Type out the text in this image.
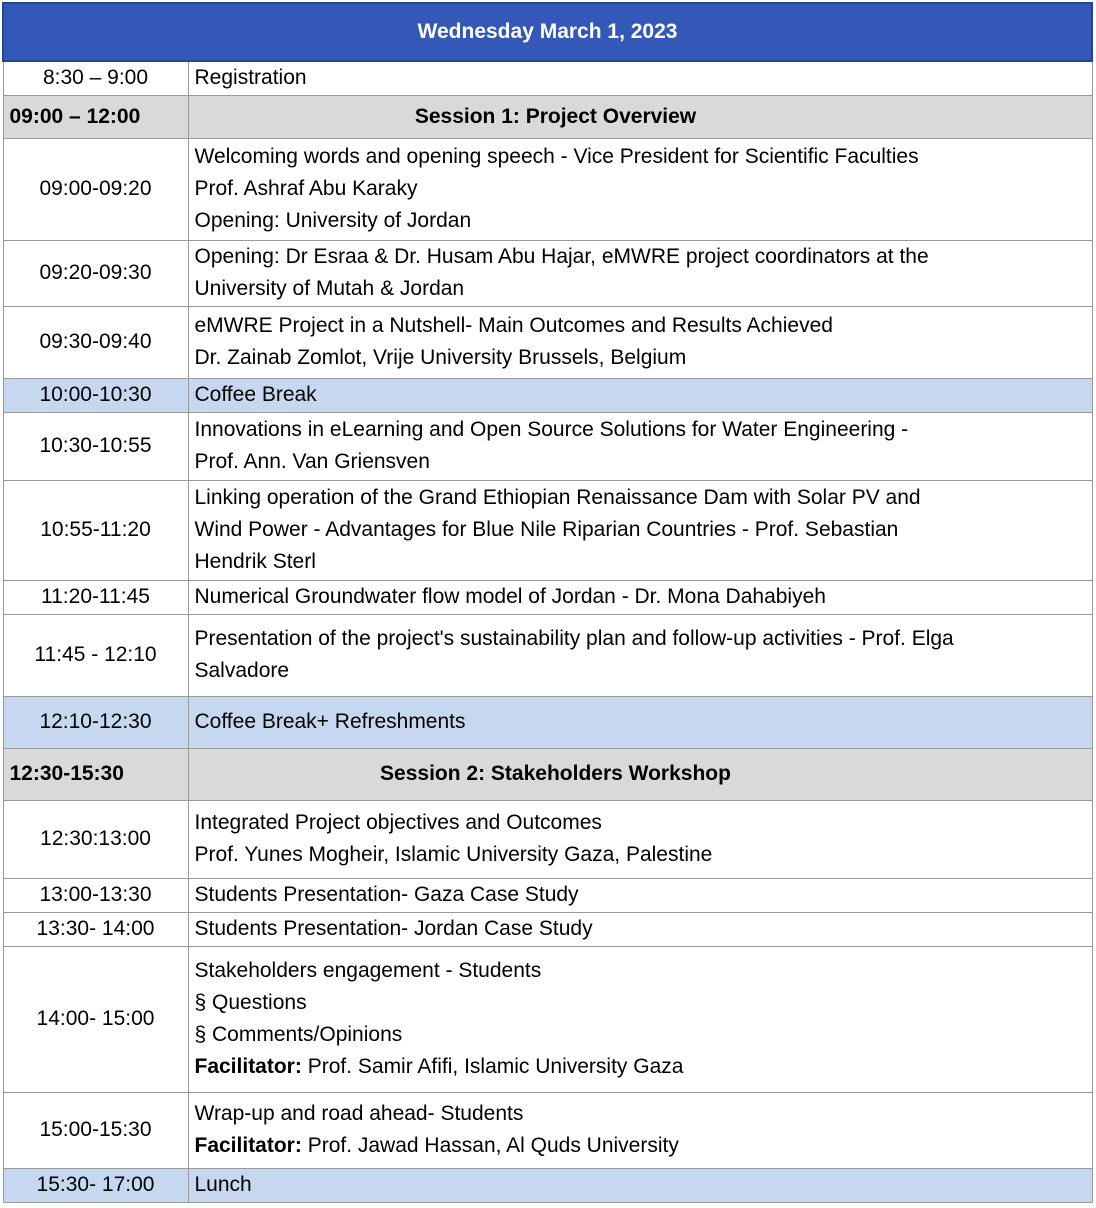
Wednesday March 1, 2023	
8:30 – 9:00	Registration

09:00 – 12:00	Session 1: Project Overview
09:00-09:20	Welcoming words and opening speech - Vice President for Scientific Faculties
Prof. Ashraf Abu Karaky
Opening: University of Jordan

09:20-09:30	Opening: Dr Esraa & Dr. Husam Abu Hajar, eMWRE project coordinators at the
University of Mutah & Jordan

09:30-09:40	eMWRE Project in a Nutshell- Main Outcomes and Results Achieved
Dr. Zainab Zomlot, Vrije University Brussels, Belgium

10:00-10:30	Coffee Break

10:30-10:55	Innovations in eLearning and Open Source Solutions for Water Engineering -
Prof. Ann. Van Griensven

10:55-11:20	Linking operation of the Grand Ethiopian Renaissance Dam with Solar PV and
Wind Power - Advantages for Blue Nile Riparian Countries - Prof. Sebastian
Hendrik Sterl

11:20-11:45	Numerical Groundwater flow model of Jordan - Dr. Mona Dahabiyeh

11:45 - 12:10	Presentation of the project's sustainability plan and follow-up activities - Prof. Elga
Salvadore

12:10-12:30	Coffee Break+ Refreshments

12:30-15:30	Session 2: Stakeholders Workshop
12:30:13:00	Integrated Project objectives and Outcomes
Prof. Yunes Mogheir, Islamic University Gaza, Palestine

13:00-13:30	Students Presentation- Gaza Case Study

13:30- 14:00	Students Presentation- Jordan Case Study

14:00- 15:00	Stakeholders engagement - Students
§ Questions
§ Comments/Opinions
Facilitator: Prof. Samir Afifi, Islamic University Gaza

15:00-15:30	Wrap-up and road ahead- Students
Facilitator: Prof. Jawad Hassan, Al Quds University

15:30- 17:00	Lunch
